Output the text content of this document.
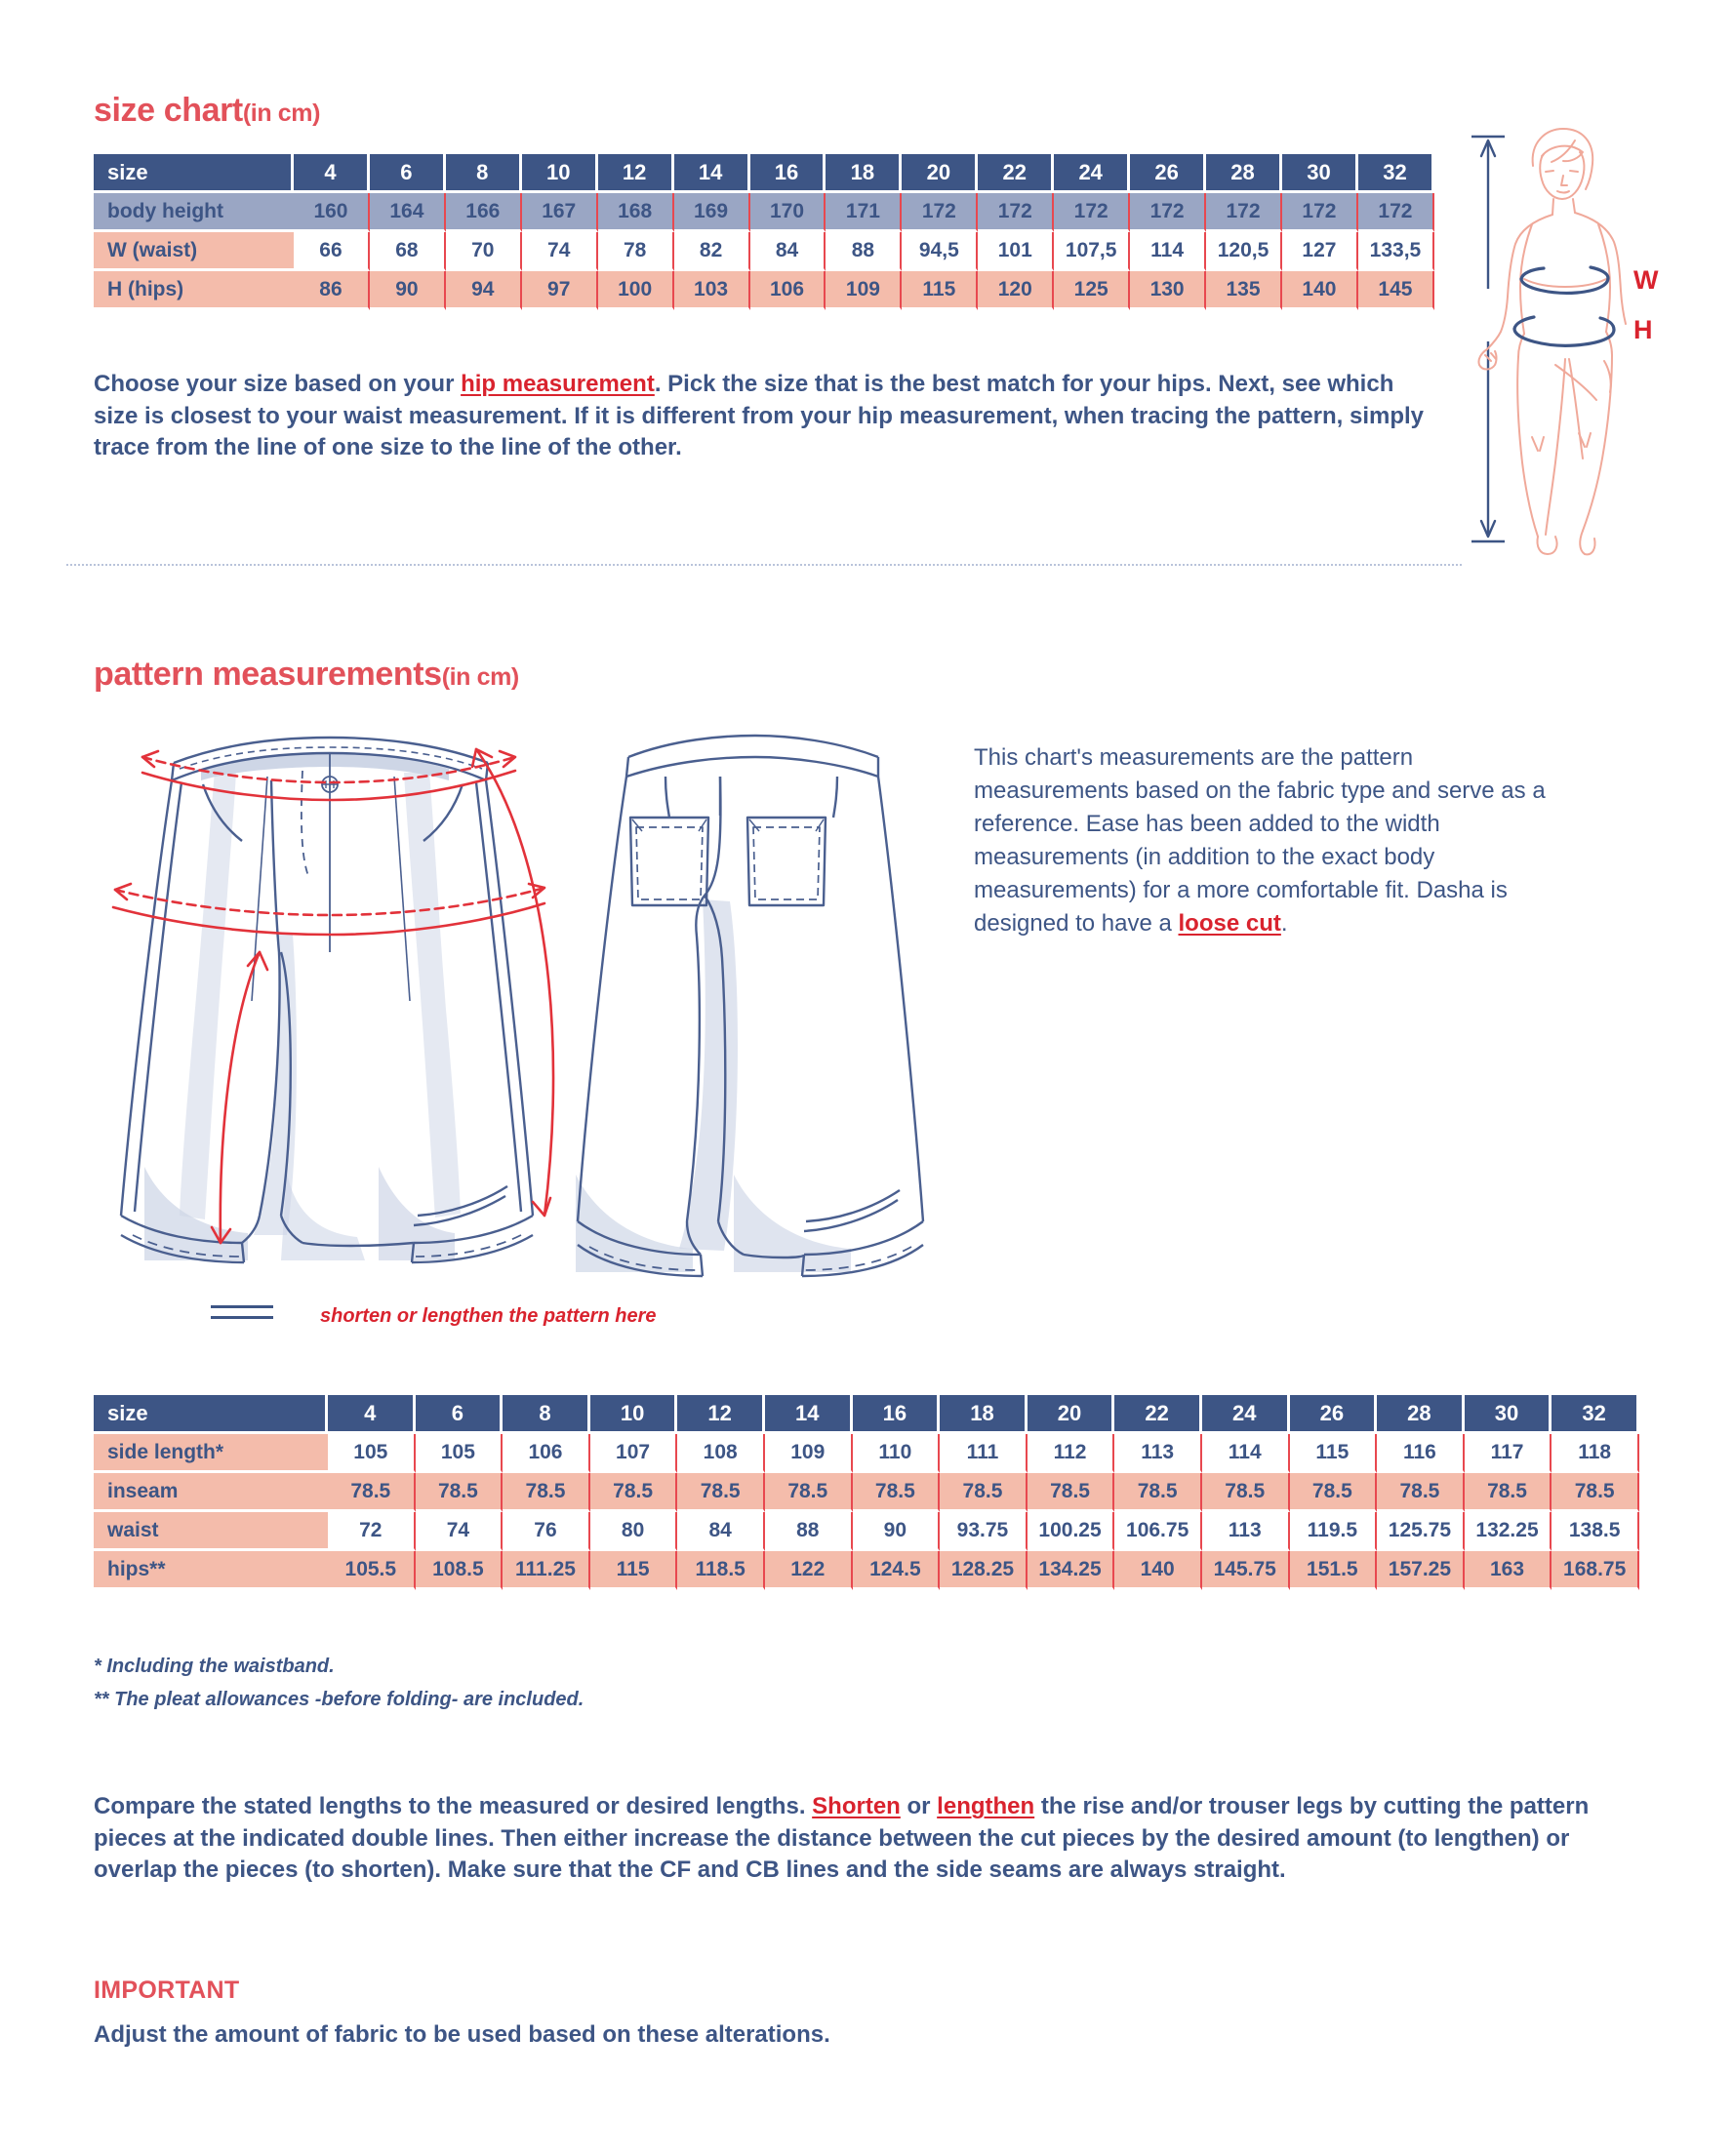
size chart(in cm)
size	4	6	8	10	12	14	16	18	20	22	24	26	28	30	32
body height	160	164	166	167	168	169	170	171	172	172	172	172	172	172	172
W (waist)	66	68	70	74	78	82	84	88	94,5	101	107,5	114	120,5	127	133,5
H (hips)	86	90	94	97	100	103	106	109	115	120	125	130	135	140	145
Choose your size based on your hip measurement. Pick the size that is the best match for your hips. Next, see which size is closest to your waist measurement. If it is different from your hip measurement, when tracing the pattern, simply trace from the line of one size to the line of the other.
W
H
pattern measurements(in cm)
This chart's measurements are the pattern measurements based on the fabric type and serve as a reference. Ease has been added to the width measurements (in addition to the exact body measurements) for a more comfortable fit. Dasha is designed to have a loose cut.
shorten or lengthen the pattern here
size	4	6	8	10	12	14	16	18	20	22	24	26	28	30	32
side length*	105	105	106	107	108	109	110	111	112	113	114	115	116	117	118
inseam	78.5	78.5	78.5	78.5	78.5	78.5	78.5	78.5	78.5	78.5	78.5	78.5	78.5	78.5	78.5
waist	72	74	76	80	84	88	90	93.75	100.25	106.75	113	119.5	125.75	132.25	138.5
hips**	105.5	108.5	111.25	115	118.5	122	124.5	128.25	134.25	140	145.75	151.5	157.25	163	168.75
* Including the waistband.
** The pleat allowances -before folding- are included.
Compare the stated lengths to the measured or desired lengths. Shorten or lengthen the rise and/or trouser legs by cutting the pattern pieces at the indicated double lines. Then either increase the distance between the cut pieces by the desired amount (to lengthen) or overlap the pieces (to shorten). Make sure that the CF and CB lines and the side seams are always straight.
IMPORTANT
Adjust the amount of fabric to be used based on these alterations.
